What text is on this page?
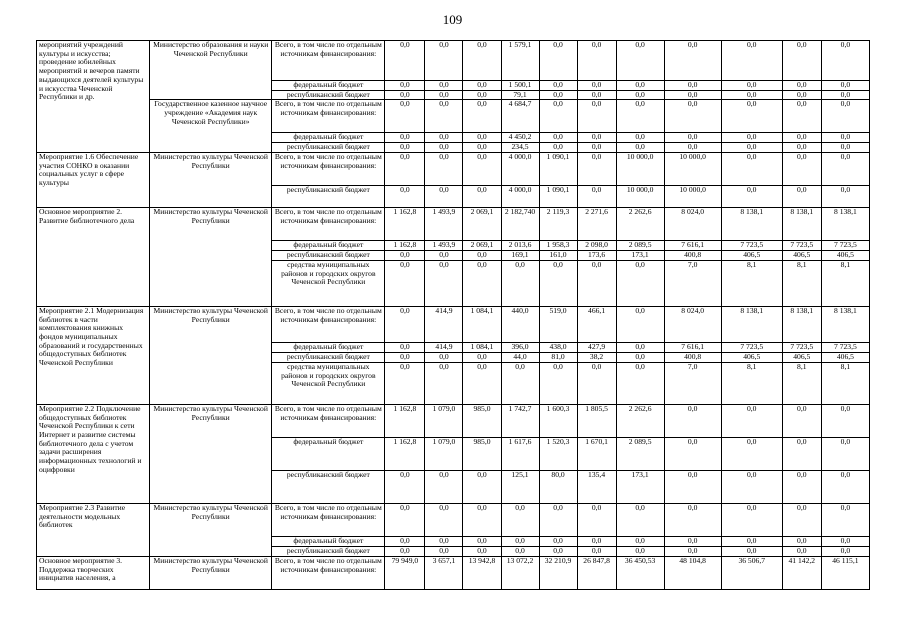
109
мероприятий учреждений культуры и искусства; проведение юбилейных мероприятий и вечеров памяти выдающихся деятелей культуры и искусства Чеченской Республики и др.	Министерство образования и науки Чеченской Республики	Всего, в том числе по отдельным источникам финансирования:	0,0	0,0	0,0	1 579,1	0,0	0,0	0,0	0,0	0,0	0,0	0,0
		федеральный бюджет	0,0	0,0	0,0	1 500,1	0,0	0,0	0,0	0,0	0,0	0,0	0,0
		республиканский бюджет	0,0	0,0	0,0	79,1	0,0	0,0	0,0	0,0	0,0	0,0	0,0
	Государственное казенное научное учреждение «Академия наук Чеченской Республики»	Всего, в том числе по отдельным источникам финансирования:	0,0	0,0	0,0	4 684,7	0,0	0,0	0,0	0,0	0,0	0,0	0,0
		федеральный бюджет	0,0	0,0	0,0	4 450,2	0,0	0,0	0,0	0,0	0,0	0,0	0,0
		республиканский бюджет	0,0	0,0	0,0	234,5	0,0	0,0	0,0	0,0	0,0	0,0	0,0
Мероприятие 1.6 Обеспечение участия СОНКО в оказании социальных услуг в сфере культуры	Министерство культуры Чеченской Республики	Всего, в том числе по отдельным источникам финансирования:	0,0	0,0	0,0	4 000,0	1 090,1	0,0	10 000,0	10 000,0	0,0	0,0	0,0
		республиканский бюджет	0,0	0,0	0,0	4 000,0	1 090,1	0,0	10 000,0	10 000,0	0,0	0,0	0,0
Основное мероприятие 2. Развитие библиотечного дела	Министерство культуры Чеченской Республики	Всего, в том числе по отдельным источникам финансирования:	1 162,8	1 493,9	2 069,1	2 182,740	2 119,3	2 271,6	2 262,6	8 024,0	8 138,1	8 138,1	8 138,1
		федеральный бюджет	1 162,8	1 493,9	2 069,1	2 013,6	1 958,3	2 098,0	2 089,5	7 616,1	7 723,5	7 723,5	7 723,5
		республиканский бюджет	0,0	0,0	0,0	169,1	161,0	173,6	173,1	400,8	406,5	406,5	406,5
		средства муниципальных районов и городских округов Чеченской Республики	0,0	0,0	0,0	0,0	0,0	0,0	0,0	7,0	8,1	8,1	8,1
Мероприятие 2.1 Модернизация библиотек в части комплектования книжных фондов муниципальных образований и государственных общедоступных библиотек Чеченской Республики	Министерство культуры Чеченской Республики	Всего, в том числе по отдельным источникам финансирования:	0,0	414,9	1 084,1	440,0	519,0	466,1	0,0	8 024,0	8 138,1	8 138,1	8 138,1
		федеральный бюджет	0,0	414,9	1 084,1	396,0	438,0	427,9	0,0	7 616,1	7 723,5	7 723,5	7 723,5
		республиканский бюджет	0,0	0,0	0,0	44,0	81,0	38,2	0,0	400,8	406,5	406,5	406,5
		средства муниципальных районов и городских округов Чеченской Республики	0,0	0,0	0,0	0,0	0,0	0,0	0,0	7,0	8,1	8,1	8,1
Мероприятие 2.2 Подключение общедоступных библиотек Чеченской Республики к сети Интернет и развитие системы библиотечного дела с учетом задачи расширения информационных технологий и оцифровки	Министерство культуры Чеченской Республики	Всего, в том числе по отдельным источникам финансирования:	1 162,8	1 079,0	985,0	1 742,7	1 600,3	1 805,5	2 262,6	0,0	0,0	0,0	0,0
		федеральный бюджет	1 162,8	1 079,0	985,0	1 617,6	1 520,3	1 670,1	2 089,5	0,0	0,0	0,0	0,0
		республиканский бюджет	0,0	0,0	0,0	125,1	80,0	135,4	173,1	0,0	0,0	0,0	0,0
Мероприятие 2.3 Развитие деятельности модельных библиотек	Министерство культуры Чеченской Республики	Всего, в том числе по отдельным источникам финансирования:	0,0	0,0	0,0	0,0	0,0	0,0	0,0	0,0	0,0	0,0	0,0
		федеральный бюджет	0,0	0,0	0,0	0,0	0,0	0,0	0,0	0,0	0,0	0,0	0,0
		республиканский бюджет	0,0	0,0	0,0	0,0	0,0	0,0	0,0	0,0	0,0	0,0	0,0
Основное мероприятие 3. Поддержка творческих инициатив населения, а	Министерство культуры Чеченской Республики	Всего, в том числе по отдельным источникам финансирования:	79 949,0	3 657,1	13 942,8	13 072,2	32 210,9	26 847,8	36 450,53	48 104,8	36 506,7	41 142,2	46 115,1
